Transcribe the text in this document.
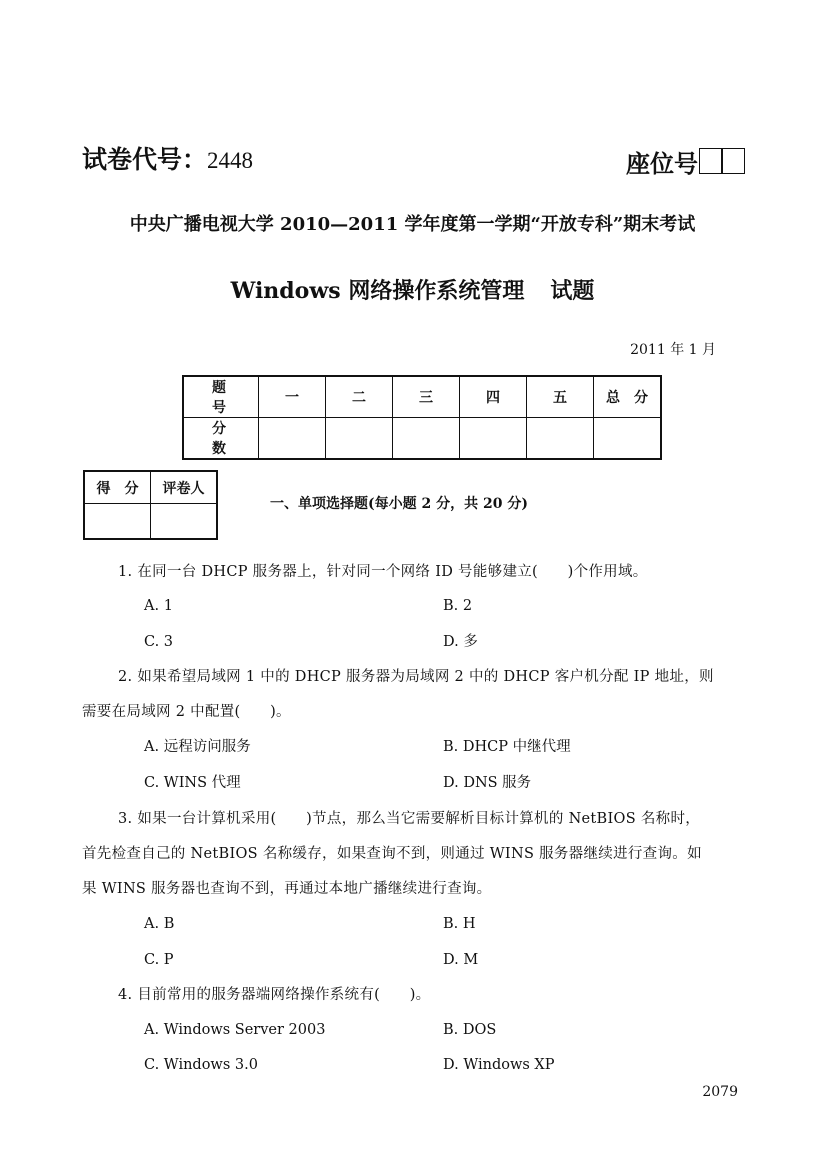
试卷代号：2448	座位号
中央广播电视大学 2010—2011 学年度第一学期“开放专科”期末考试
Windows 网络操作系统管理 试题
2011 年 1 月
题　号	一	二	三	四	五	总　分
分　数						
得　分	评卷人

一、单项选择题(每小题 2 分，共 20 分)
1. 在同一台 DHCP 服务器上，针对同一个网络 ID 号能够建立(　　)个作用域。
A. 1	B. 2
C. 3	D. 多
2. 如果希望局域网 1 中的 DHCP 服务器为局域网 2 中的 DHCP 客户机分配 IP 地址，则
需要在局域网 2 中配置(　　)。
A. 远程访问服务	B. DHCP 中继代理
C. WINS 代理	D. DNS 服务
3. 如果一台计算机采用(　　)节点，那么当它需要解析目标计算机的 NetBIOS 名称时，
首先检查自己的 NetBIOS 名称缓存，如果查询不到，则通过 WINS 服务器继续进行查询。如
果 WINS 服务器也查询不到，再通过本地广播继续进行查询。
A. B	B. H
C. P	D. M
4. 目前常用的服务器端网络操作系统有(　　)。
A. Windows Server 2003	B. DOS
C. Windows 3.0	D. Windows XP
2079
